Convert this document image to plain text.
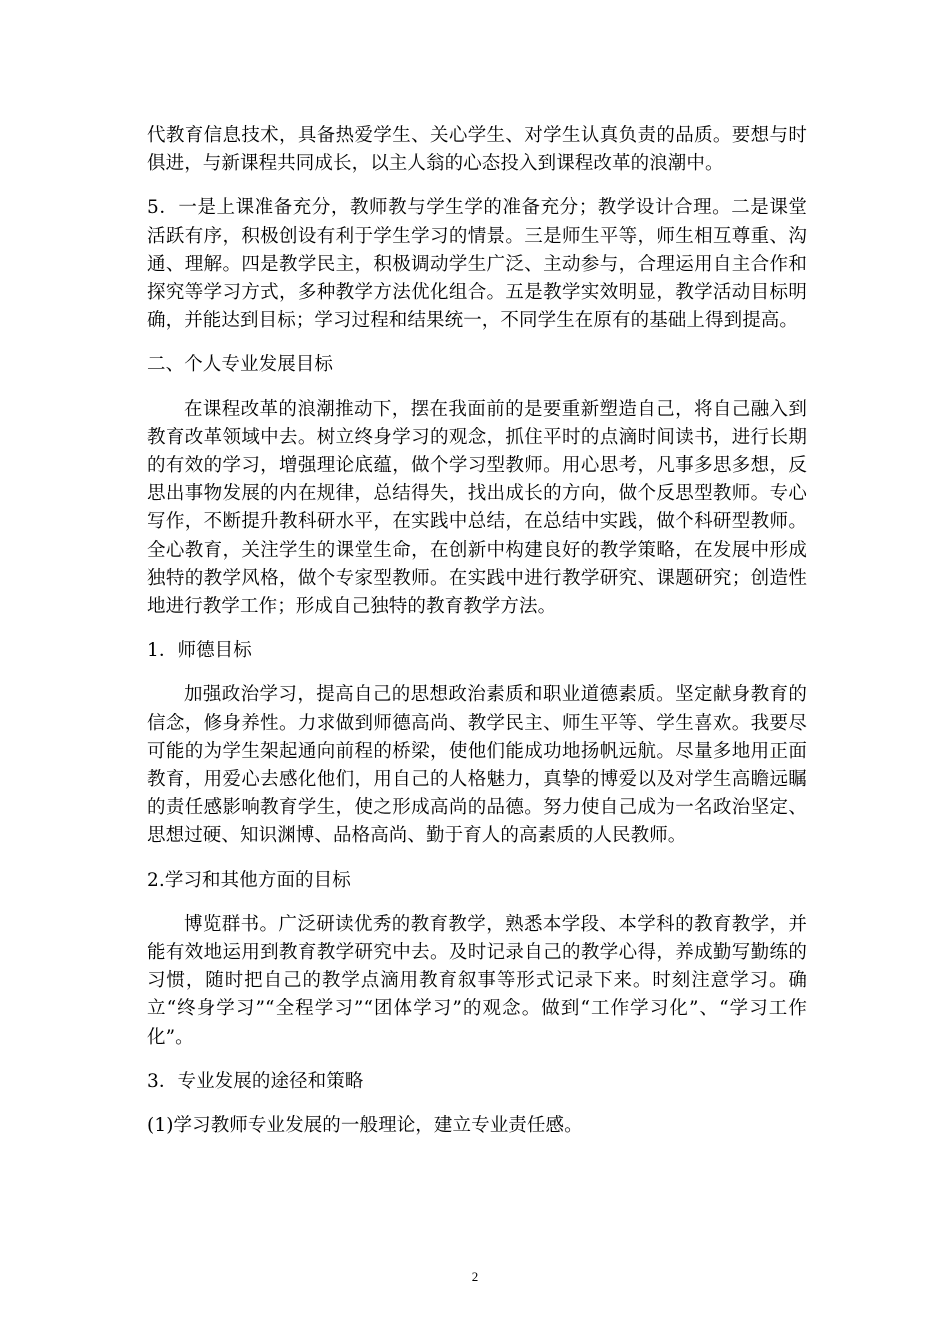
代教育信息技术，具备热爱学生、关心学生、对学生认真负责的品质。要想与时俱进，与新课程共同成长，以主人翁的心态投入到课程改革的浪潮中。

5．一是上课准备充分，教师教与学生学的准备充分；教学设计合理。二是课堂活跃有序，积极创设有利于学生学习的情景。三是师生平等，师生相互尊重、沟通、理解。四是教学民主，积极调动学生广泛、主动参与，合理运用自主合作和探究等学习方式，多种教学方法优化组合。五是教学实效明显，教学活动目标明确，并能达到目标；学习过程和结果统一，不同学生在原有的基础上得到提高。

二、个人专业发展目标

在课程改革的浪潮推动下，摆在我面前的是要重新塑造自己，将自己融入到教育改革领域中去。树立终身学习的观念，抓住平时的点滴时间读书，进行长期的有效的学习，增强理论底蕴，做个学习型教师。用心思考，凡事多思多想，反思出事物发展的内在规律，总结得失，找出成长的方向，做个反思型教师。专心写作，不断提升教科研水平，在实践中总结，在总结中实践，做个科研型教师。全心教育，关注学生的课堂生命，在创新中构建良好的教学策略，在发展中形成独特的教学风格，做个专家型教师。在实践中进行教学研究、课题研究；创造性地进行教学工作；形成自己独特的教育教学方法。

1．师德目标

加强政治学习，提高自己的思想政治素质和职业道德素质。坚定献身教育的信念，修身养性。力求做到师德高尚、教学民主、师生平等、学生喜欢。我要尽可能的为学生架起通向前程的桥梁，使他们能成功地扬帆远航。尽量多地用正面教育，用爱心去感化他们，用自己的人格魅力，真挚的博爱以及对学生高瞻远瞩的责任感影响教育学生，使之形成高尚的品德。努力使自己成为一名政治坚定、思想过硬、知识渊博、品格高尚、勤于育人的高素质的人民教师。

2.学习和其他方面的目标

博览群书。广泛研读优秀的教育教学，熟悉本学段、本学科的教育教学，并能有效地运用到教育教学研究中去。及时记录自己的教学心得，养成勤写勤练的习惯，随时把自己的教学点滴用教育叙事等形式记录下来。时刻注意学习。确立“终身学习”“全程学习”“团体学习”的观念。做到“工作学习化”、“学习工作化”。

3．专业发展的途径和策略

(1)学习教师专业发展的一般理论，建立专业责任感。

2
